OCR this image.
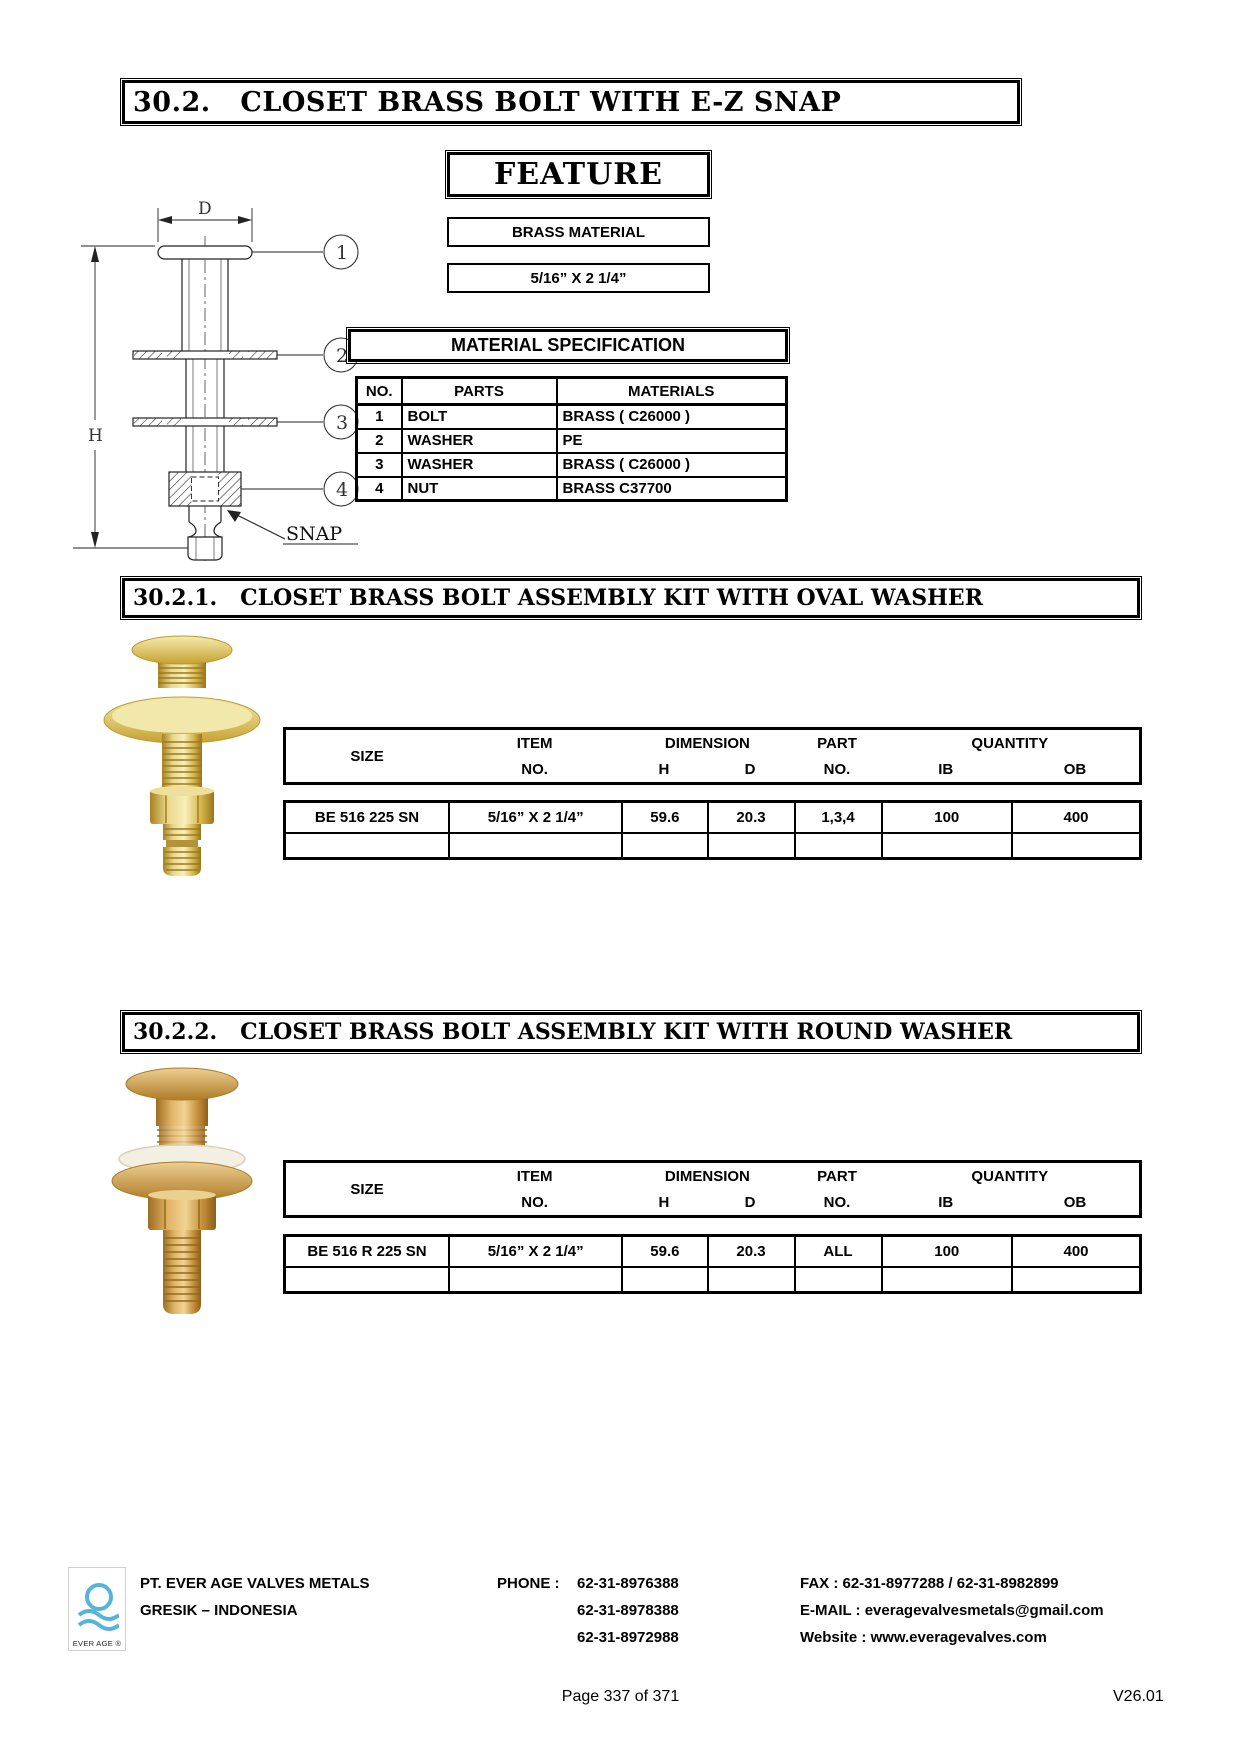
30.2.   CLOSET BRASS BOLT WITH E-Z SNAP
D
H
1
2
3
4
SNAP
FEATURE
BRASS MATERIAL
5/16” X 2 1/4”
MATERIAL SPECIFICATION
NO.	PARTS	MATERIALS
1	BOLT	BRASS ( C26000 )
2	WASHER	PE
3	WASHER	BRASS ( C26000 )
4	NUT	BRASS C37700
30.2.1.   CLOSET BRASS BOLT ASSEMBLY KIT WITH OVAL WASHER
ITEM
SIZE
DIMENSION	PART	QUANTITY
NO.	H	D	NO.	IB	OB
BE 516 225 SN	5/16” X 2 1/4”	59.6	20.3	1,3,4	100	400
30.2.2.   CLOSET BRASS BOLT ASSEMBLY KIT WITH ROUND WASHER
ITEM
SIZE
DIMENSION	PART	QUANTITY
NO.	H	D	NO.	IB	OB
BE 516 R 225 SN	5/16” X 2 1/4”	59.6	20.3	ALL	100	400
EVER AGE ®
PT. EVER AGE VALVES METALS
GRESIK – INDONESIA
PHONE :	62-31-8976388
62-31-8978388
62-31-8972988
FAX : 62-31-8977288 / 62-31-8982899
E-MAIL : everagevalvesmetals@gmail.com
Website : www.everagevalves.com
Page 337 of 371	V26.01
